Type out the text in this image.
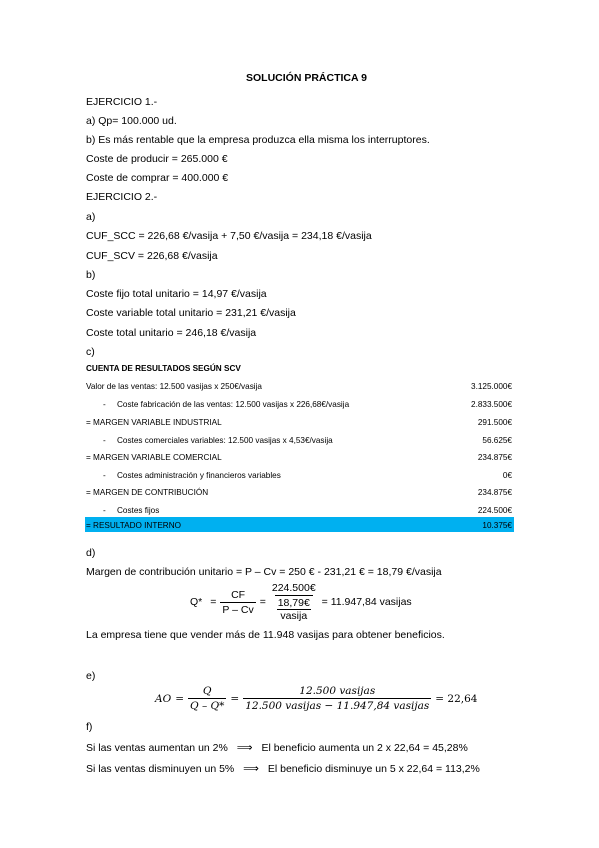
SOLUCIÓN PRÁCTICA 9
EJERCICIO 1.-
a) Qp= 100.000 ud.
b) Es más rentable que la empresa produzca ella misma los interruptores.
Coste de producir = 265.000 €
Coste de comprar = 400.000 €
EJERCICIO 2.-
a)
CUF_SCC = 226,68 €/vasija + 7,50 €/vasija = 234,18 €/vasija
CUF_SCV = 226,68 €/vasija
b)
Coste fijo total unitario = 14,97 €/vasija
Coste variable total unitario = 231,21 €/vasija
Coste total unitario = 246,18 €/vasija
c)
CUENTA DE RESULTADOS SEGÚN SCV
Valor de las ventas: 12.500 vasijas x 250€/vasija	3.125.000€
- Coste fabricación de las ventas: 12.500 vasijas x 226,68€/vasija	2.833.500€
= MARGEN VARIABLE INDUSTRIAL	291.500€
- Costes comerciales variables: 12.500 vasijas x 4,53€/vasija	56.625€
= MARGEN VARIABLE COMERCIAL	234.875€
- Costes administración y financieros variables	0€
= MARGEN DE CONTRIBUCIÓN	234.875€
- Costes fijos	224.500€
= RESULTADO INTERNO	10.375€
d)
Margen de contribución unitario = P – Cv = 250 € - 231,21 € = 18,79 €/vasija
$Q* = \frac{CF}{P - Cv}$ = 224.500€
18,79€
vasija = 11.947,84 vasijas
La empresa tiene que vender más de 11.948 vasijas para obtener beneficios.
e)
AO = $\frac{Q}{Q - Q*} = \frac{\text{12.500 vasijas}}{\text{12.500 vasijas − 11.947,84 vasijas}} = 22,64$
f)
Si las ventas aumentan un 2% ⟹ El beneficio aumenta un 2 x 22,64 = 45,28%
Si las ventas disminuyen un 5% ⟹ El beneficio disminuye un 5 x 22,64 = 113,2%
